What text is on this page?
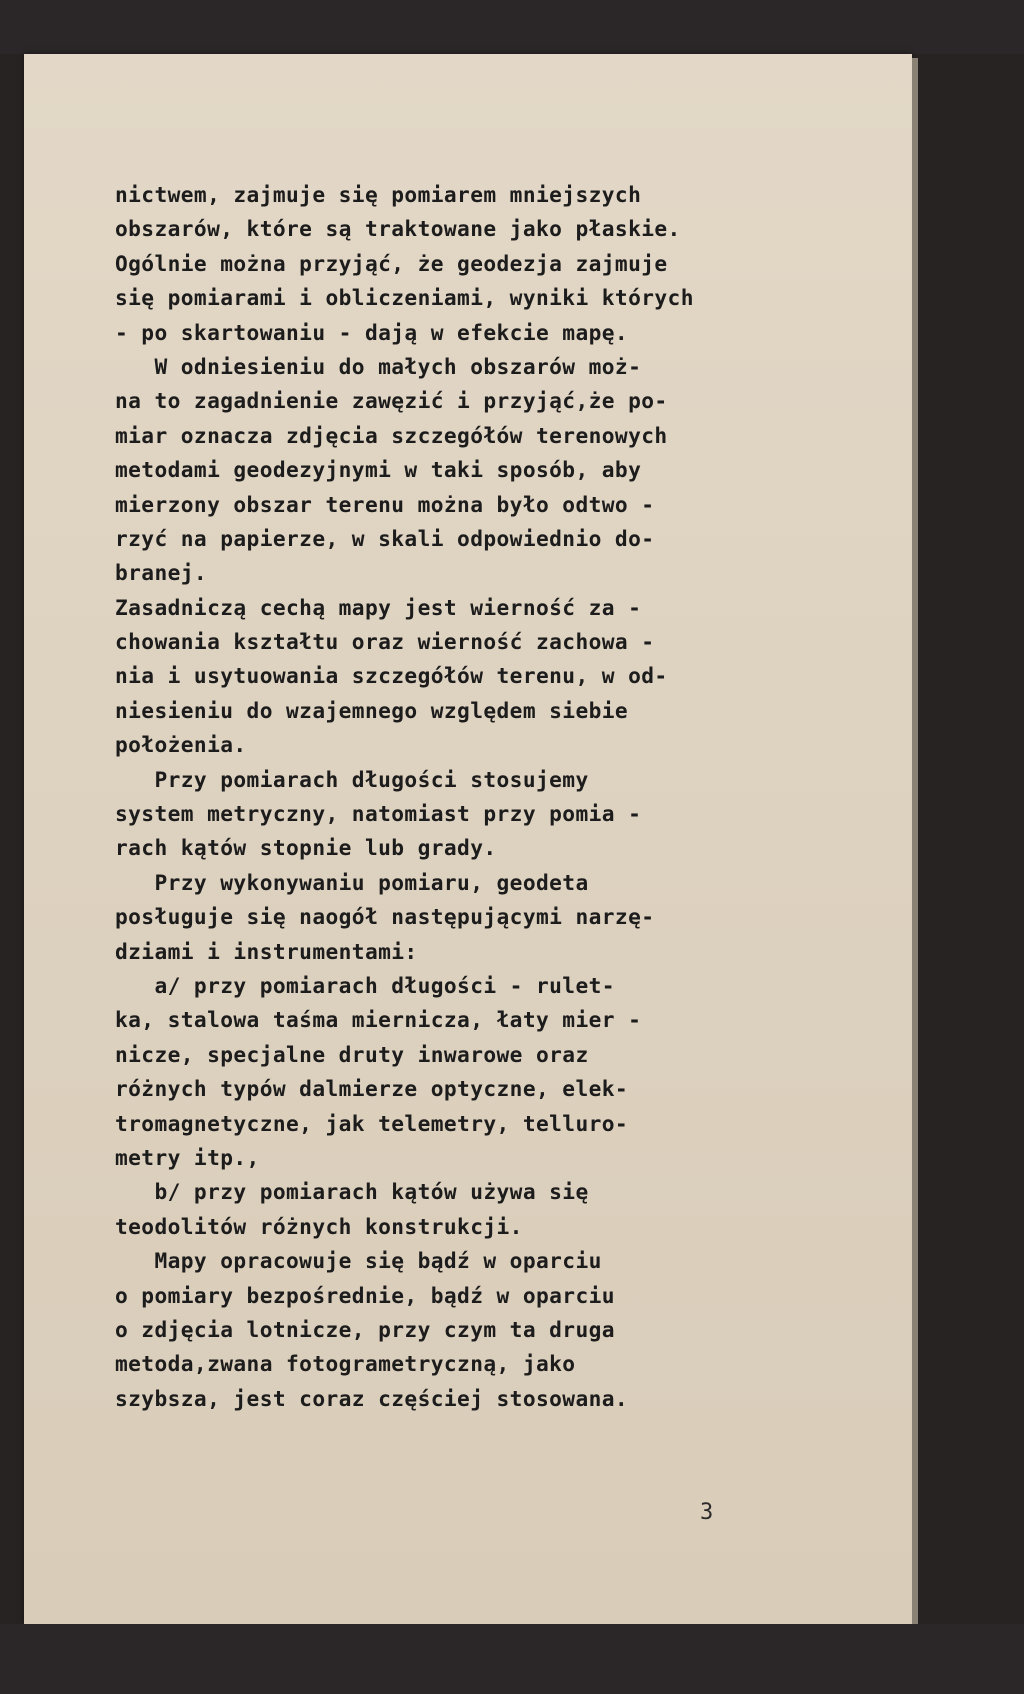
nictwem, zajmuje się pomiarem mniejszych
obszarów, które są traktowane jako płaskie.
Ogólnie można przyjąć, że geodezja zajmuje
się pomiarami i obliczeniami, wyniki których
- po skartowaniu - dają w efekcie mapę.
W odniesieniu do małych obszarów moż-
na to zagadnienie zawęzić i przyjąć,że po-
miar oznacza zdjęcia szczegółów terenowych
metodami geodezyjnymi w taki sposób, aby
mierzony obszar terenu można było odtwo -
rzyć na papierze, w skali odpowiednio do-
branej.
Zasadniczą cechą mapy jest wierność za -
chowania kształtu oraz wierność zachowa -
nia i usytuowania szczegółów terenu, w od-
niesieniu do wzajemnego względem siebie
położenia.
Przy pomiarach długości stosujemy
system metryczny, natomiast przy pomia -
rach kątów stopnie lub grady.
Przy wykonywaniu pomiaru, geodeta
posługuje się naogół następującymi narzę-
dziami i instrumentami:
a/ przy pomiarach długości - rulet-
ka, stalowa taśma miernicza, łaty mier -
nicze, specjalne druty inwarowe oraz
różnych typów dalmierze optyczne, elek-
tromagnetyczne, jak telemetry, telluro-
metry itp.,
b/ przy pomiarach kątów używa się
teodolitów różnych konstrukcji.
Mapy opracowuje się bądź w oparciu
o pomiary bezpośrednie, bądź w oparciu
o zdjęcia lotnicze, przy czym ta druga
metoda,zwana fotogrametryczną, jako
szybsza, jest coraz częściej stosowana.
3
